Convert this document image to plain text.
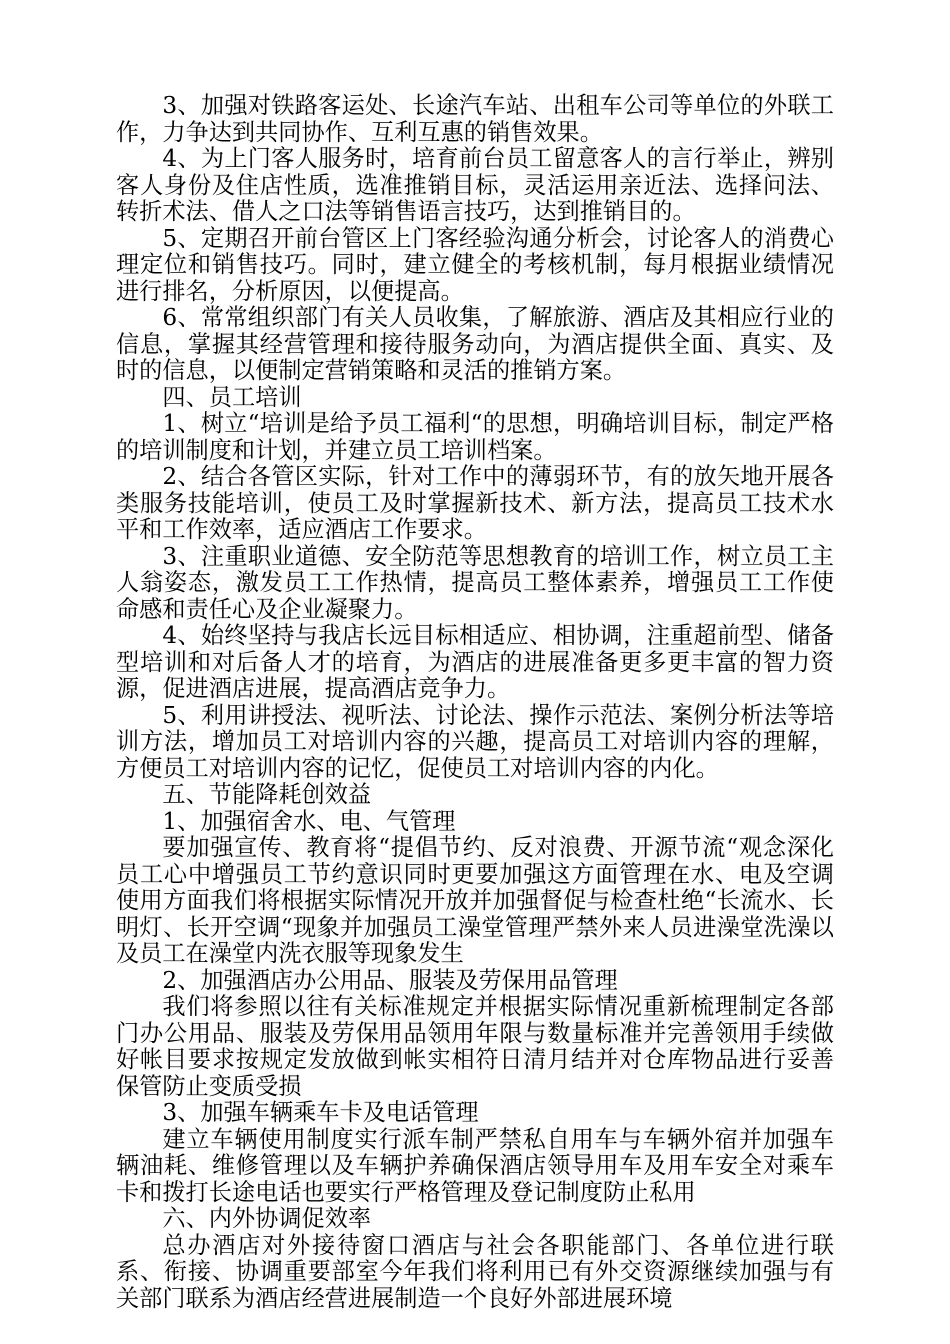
3、加强对铁路客运处、长途汽车站、出租车公司等单位的外联工作，力争达到共同协作、互利互惠的销售效果。

4、为上门客人服务时，培育前台员工留意客人的言行举止，辨别客人身份及住店性质，选准推销目标，灵活运用亲近法、选择问法、转折术法、借人之口法等销售语言技巧，达到推销目的。

5、定期召开前台管区上门客经验沟通分析会，讨论客人的消费心理定位和销售技巧。同时，建立健全的考核机制，每月根据业绩情况进行排名，分析原因，以便提高。

6、常常组织部门有关人员收集，了解旅游、酒店及其相应行业的信息，掌握其经营管理和接待服务动向，为酒店提供全面、真实、及时的信息，以便制定营销策略和灵活的推销方案。

四、员工培训

1、树立“培训是给予员工福利“的思想，明确培训目标，制定严格的培训制度和计划，并建立员工培训档案。

2、结合各管区实际，针对工作中的薄弱环节，有的放矢地开展各类服务技能培训，使员工及时掌握新技术、新方法，提高员工技术水平和工作效率，适应酒店工作要求。

3、注重职业道德、安全防范等思想教育的培训工作，树立员工主人翁姿态，激发员工工作热情，提高员工整体素养，增强员工工作使命感和责任心及企业凝聚力。

4、始终坚持与我店长远目标相适应、相协调，注重超前型、储备型培训和对后备人才的培育，为酒店的进展准备更多更丰富的智力资源，促进酒店进展，提高酒店竞争力。

5、利用讲授法、视听法、讨论法、操作示范法、案例分析法等培训方法，增加员工对培训内容的兴趣，提高员工对培训内容的理解，方便员工对培训内容的记忆，促使员工对培训内容的内化。

五、节能降耗创效益

1、加强宿舍水、电、气管理

要加强宣传、教育将“提倡节约、反对浪费、开源节流“观念深化员工心中增强员工节约意识同时更要加强这方面管理在水、电及空调使用方面我们将根据实际情况开放并加强督促与检查杜绝“长流水、长明灯、长开空调“现象并加强员工澡堂管理严禁外来人员进澡堂洗澡以及员工在澡堂内洗衣服等现象发生

2、加强酒店办公用品、服装及劳保用品管理

我们将参照以往有关标准规定并根据实际情况重新梳理制定各部门办公用品、服装及劳保用品领用年限与数量标准并完善领用手续做好帐目要求按规定发放做到帐实相符日清月结并对仓库物品进行妥善保管防止变质受损

3、加强车辆乘车卡及电话管理

建立车辆使用制度实行派车制严禁私自用车与车辆外宿并加强车辆油耗、维修管理以及车辆护养确保酒店领导用车及用车安全对乘车卡和拨打长途电话也要实行严格管理及登记制度防止私用

六、内外协调促效率

总办酒店对外接待窗口酒店与社会各职能部门、各单位进行联系、衔接、协调重要部室今年我们将利用已有外交资源继续加强与有关部门联系为酒店经营进展制造一个良好外部进展环境
